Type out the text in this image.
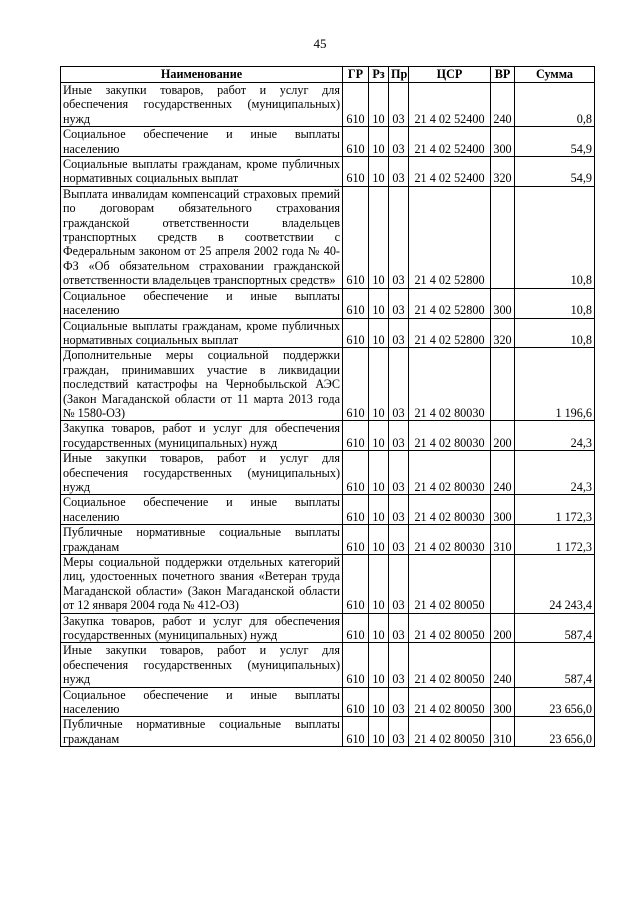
45
Наименование	ГР	Рз	Пр	ЦСР	ВР	Сумма
Иные закупки товаров, работ и услуг для обеспечения государственных (муниципальных) нужд	610	10	03	21 4 02 52400	240	0,8
Социальное обеспечение и иные выплаты населению	610	10	03	21 4 02 52400	300	54,9
Социальные выплаты гражданам, кроме публичных нормативных социальных выплат	610	10	03	21 4 02 52400	320	54,9
Выплата инвалидам компенсаций страховых премий по договорам обязательного страхования гражданской ответственности владельцев транспортных средств в соответствии с Федеральным законом от 25 апреля 2002 года № 40-ФЗ «Об обязательном страховании гражданской ответственности владельцев транспортных средств»	610	10	03	21 4 02 52800		10,8
Социальное обеспечение и иные выплаты населению	610	10	03	21 4 02 52800	300	10,8
Социальные выплаты гражданам, кроме публичных нормативных социальных выплат	610	10	03	21 4 02 52800	320	10,8
Дополнительные меры социальной поддержки граждан, принимавших участие в ликвидации последствий катастрофы на Чернобыльской АЭС (Закон Магаданской области от 11 марта 2013 года № 1580-ОЗ)	610	10	03	21 4 02 80030		1 196,6
Закупка товаров, работ и услуг для обеспечения государственных (муниципальных) нужд	610	10	03	21 4 02 80030	200	24,3
Иные закупки товаров, работ и услуг для обеспечения государственных (муниципальных) нужд	610	10	03	21 4 02 80030	240	24,3
Социальное обеспечение и иные выплаты населению	610	10	03	21 4 02 80030	300	1 172,3
Публичные нормативные социальные выплаты гражданам	610	10	03	21 4 02 80030	310	1 172,3
Меры социальной поддержки отдельных категорий лиц, удостоенных почетного звания «Ветеран труда Магаданской области» (Закон Магаданской области от 12 января 2004 года № 412-ОЗ)	610	10	03	21 4 02 80050		24 243,4
Закупка товаров, работ и услуг для обеспечения государственных (муниципальных) нужд	610	10	03	21 4 02 80050	200	587,4
Иные закупки товаров, работ и услуг для обеспечения государственных (муниципальных) нужд	610	10	03	21 4 02 80050	240	587,4
Социальное обеспечение и иные выплаты населению	610	10	03	21 4 02 80050	300	23 656,0
Публичные нормативные социальные выплаты гражданам	610	10	03	21 4 02 80050	310	23 656,0
